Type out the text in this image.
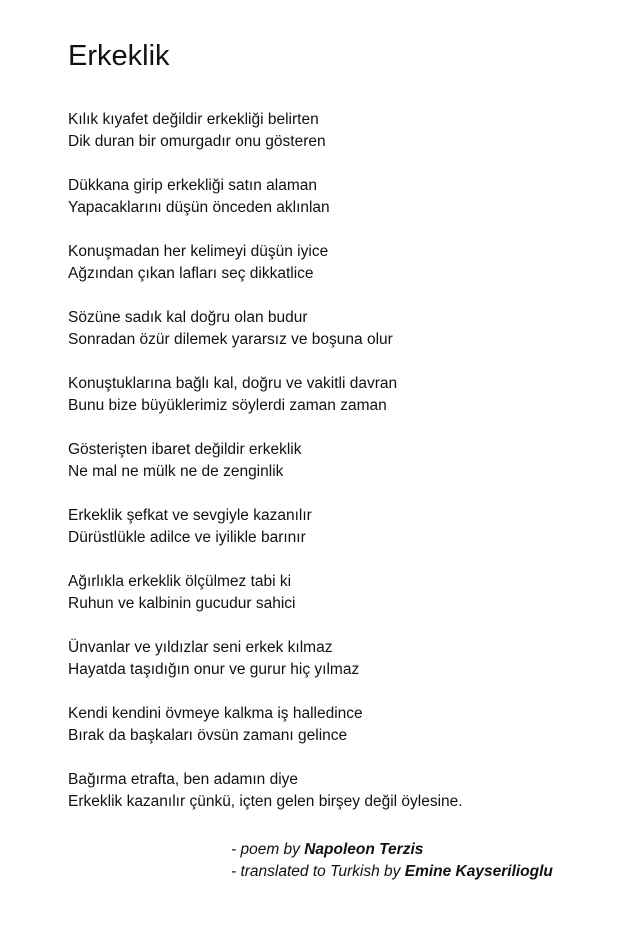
Erkeklik
Kılık kıyafet değildir erkekliği belirten
Dik duran bir omurgadır onu gösteren
Dükkana girip erkekliği satın alaman
Yapacaklarını düşün önceden aklınlan
Konuşmadan her kelimeyi düşün iyice
Ağzından çıkan lafları seç dikkatlice
Sözüne sadık kal doğru olan budur
Sonradan özür dilemek yararsız ve boşuna olur
Konuştuklarına bağlı kal, doğru ve vakitli davran
Bunu bize büyüklerimiz söylerdi zaman zaman
Gösterişten ibaret değildir erkeklik
Ne mal ne mülk ne de zenginlik
Erkeklik şefkat ve sevgiyle kazanılır
Dürüstlükle adilce ve iyilikle barınır
Ağırlıkla erkeklik ölçülmez tabi ki
Ruhun ve kalbinin gucudur sahici
Ünvanlar ve yıldızlar seni erkek kılmaz
Hayatda taşıdığın onur ve gurur hiç yılmaz
Kendi kendini övmeye kalkma iş halledince
Bırak da başkaları övsün zamanı gelince
Bağırma etrafta, ben adamın diye
Erkeklik kazanılır çünkü, içten gelen birşey değil öylesine.
- poem by Napoleon Terzis
- translated to Turkish by Emine Kayserilioglu
